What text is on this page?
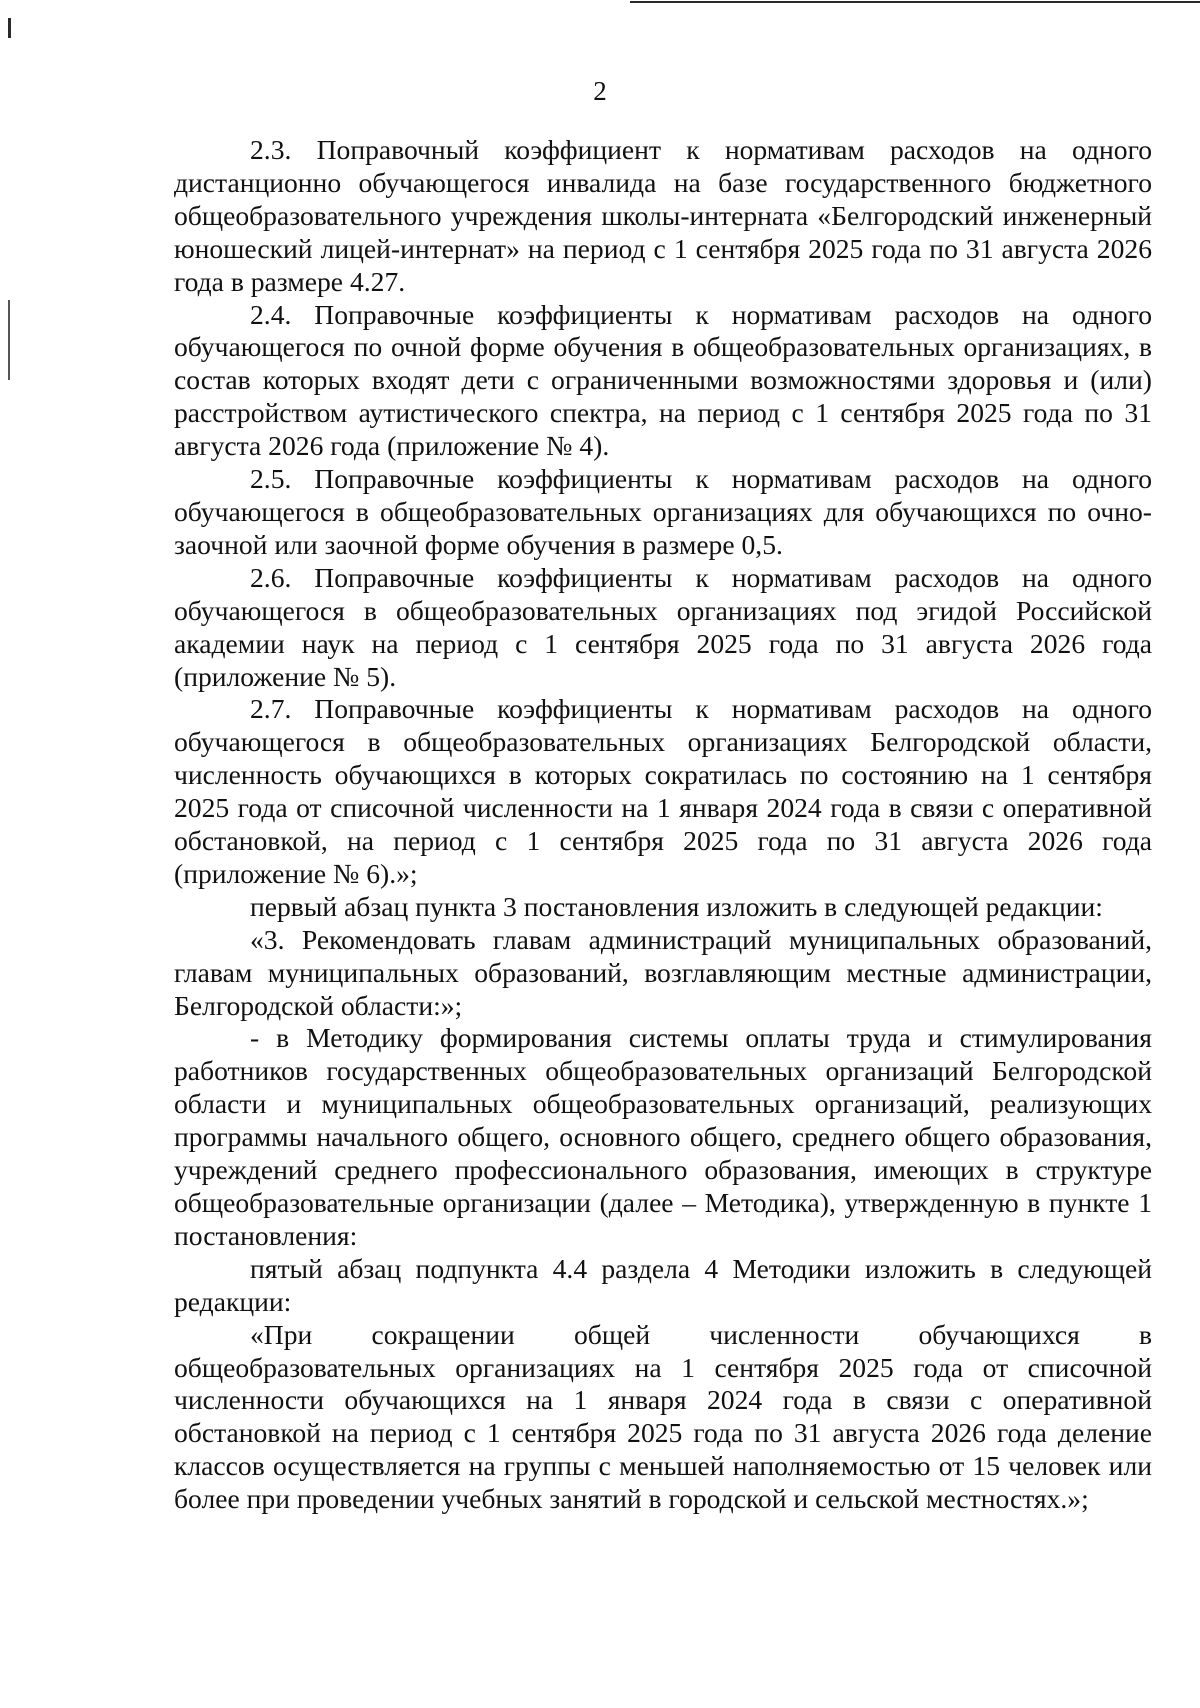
2

2.3. Поправочный коэффициент к нормативам расходов на одного дистанционно обучающегося инвалида на базе государственного бюджетного общеобразовательного учреждения школы-интерната «Белгородский инженерный юношеский лицей-интернат» на период с 1 сентября 2025 года по 31 августа 2026 года в размере 4.27.

2.4. Поправочные коэффициенты к нормативам расходов на одного обучающегося по очной форме обучения в общеобразовательных организациях, в состав которых входят дети с ограниченными возможностями здоровья и (или) расстройством аутистического спектра, на период с 1 сентября 2025 года по 31 августа 2026 года (приложение № 4).

2.5. Поправочные коэффициенты к нормативам расходов на одного обучающегося в общеобразовательных организациях для обучающихся по очно-заочной или заочной форме обучения в размере 0,5.

2.6. Поправочные коэффициенты к нормативам расходов на одного обучающегося в общеобразовательных организациях под эгидой Российской академии наук на период с 1 сентября 2025 года по 31 августа 2026 года (приложение № 5).

2.7. Поправочные коэффициенты к нормативам расходов на одного обучающегося в общеобразовательных организациях Белгородской области, численность обучающихся в которых сократилась по состоянию на 1 сентября 2025 года от списочной численности на 1 января 2024 года в связи с оперативной обстановкой, на период с 1 сентября 2025 года по 31 августа 2026 года (приложение № 6).»;

первый абзац пункта 3 постановления изложить в следующей редакции:

«3. Рекомендовать главам администраций муниципальных образований, главам муниципальных образований, возглавляющим местные администрации, Белгородской области:»;

- в Методику формирования системы оплаты труда и стимулирования работников государственных общеобразовательных организаций Белгородской области и муниципальных общеобразовательных организаций, реализующих программы начального общего, основного общего, среднего общего образования, учреждений среднего профессионального образования, имеющих в структуре общеобразовательные организации (далее – Методика), утвержденную в пункте 1 постановления:

пятый абзац подпункта 4.4 раздела 4 Методики изложить в следующей редакции:

«При сокращении общей численности обучающихся в общеобразовательных организациях на 1 сентября 2025 года от списочной численности обучающихся на 1 января 2024 года в связи с оперативной обстановкой на период с 1 сентября 2025 года по 31 августа 2026 года деление классов осуществляется на группы с меньшей наполняемостью от 15 человек или более при проведении учебных занятий в городской и сельской местностях.»;
